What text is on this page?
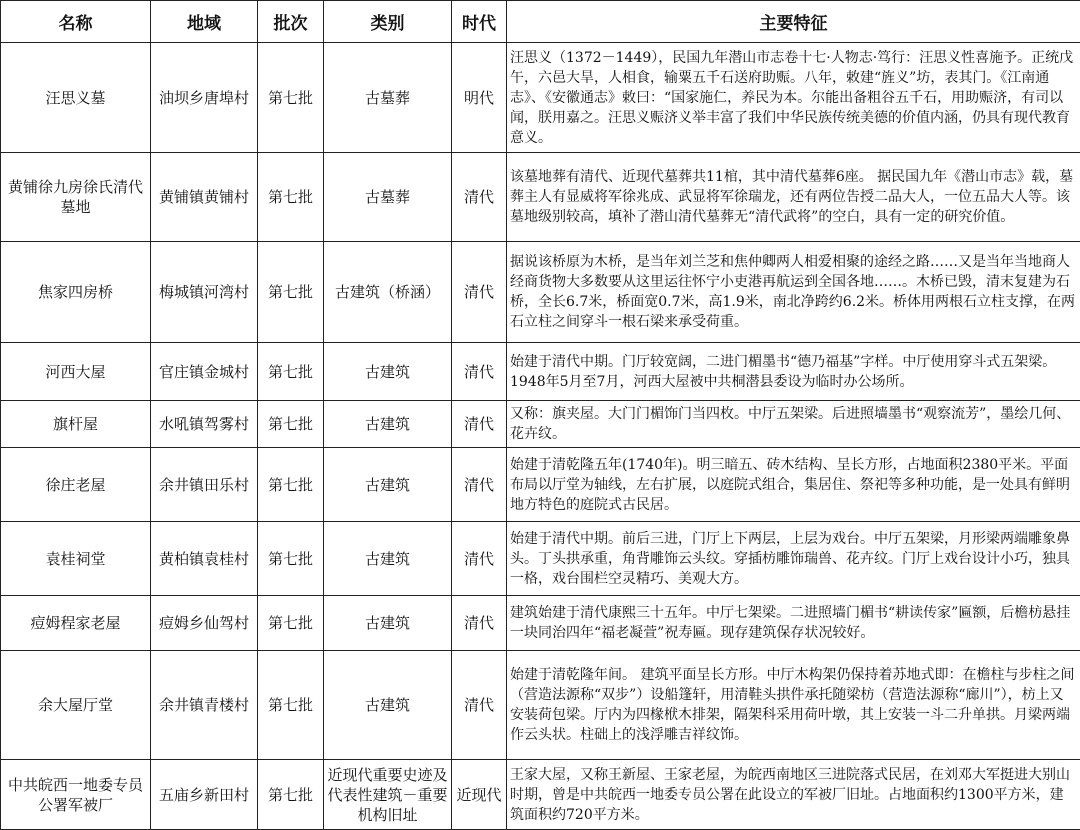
名称	地域	批次	类别	时代	主要特征
汪思义墓	油坝乡唐埠村	第七批	古墓葬	明代	汪思义（1372－1449），民国九年潜山市志卷十七·人物志·笃行：汪思义性喜施予。正统戊午，六邑大旱，人相食，输粟五千石送府助赈。八年，敕建“旌义”坊，表其门。《江南通志》、《安徽通志》敕曰：“国家施仁，养民为本。尔能出备粗谷五千石，用助赈济，有司以闻，朕用嘉之。汪思义赈济义举丰富了我们中华民族传统美德的价值内涵，仍具有现代教育意义。
黄铺徐九房徐氏清代墓地	黄铺镇黄铺村	第七批	古墓葬	清代	该墓地葬有清代、近现代墓葬共11棺，其中清代墓葬6座。 据民国九年《潜山市志》载，墓葬主人有显威将军徐兆成、武显将军徐瑞龙，还有两位告授二品大人，一位五品大人等。该墓地级别较高，填补了潜山清代墓葬无“清代武将”的空白，具有一定的研究价值。
焦家四房桥	梅城镇河湾村	第七批	古建筑（桥涵）	清代	据说该桥原为木桥，是当年刘兰芝和焦仲卿两人相爱相聚的途经之路……又是当年当地商人经商货物大多数要从这里运往怀宁小吏港再航运到全国各地……。木桥已毁，清末复建为石桥，全长6.7米，桥面宽0.7米，高1.9米，南北净跨约6.2米。桥体用两根石立柱支撑，在两石立柱之间穿斗一根石梁来承受荷重。
河西大屋	官庄镇金城村	第七批	古建筑	清代	始建于清代中期。门厅较宽阔，二进门楣墨书“德乃福基”字样。中厅使用穿斗式五架梁。1948年5月至7月，河西大屋被中共桐潜县委设为临时办公场所。
旗杆屋	水吼镇驾雾村	第七批	古建筑	清代	又称：旗夹屋。大门门楣饰门当四枚。中厅五架梁。后进照墙墨书“观察流芳”，墨绘几何、花卉纹。
徐庄老屋	余井镇田乐村	第七批	古建筑	清代	始建于清乾隆五年(1740年)。明三暗五、砖木结构、呈长方形，占地面积2380平米。平面布局以厅堂为轴线，左右扩展，以庭院式组合，集居住、祭祀等多种功能，是一处具有鲜明地方特色的庭院式古民居。
袁桂祠堂	黄柏镇袁桂村	第七批	古建筑	清代	始建于清代中期。前后三进，门厅上下两层，上层为戏台。中厅五架梁，月形梁两端雕象鼻头。丁头拱承重，角背雕饰云头纹。穿插枋雕饰瑞兽、花卉纹。门厅上戏台设计小巧，独具一格，戏台围栏空灵精巧、美观大方。
痘姆程家老屋	痘姆乡仙驾村	第七批	古建筑	清代	建筑始建于清代康熙三十五年。中厅七架梁。二进照墙门楣书“耕读传家”匾额，后檐枋悬挂一块同治四年“福老凝萱”祝寿匾。现存建筑保存状况较好。
余大屋厅堂	余井镇青楼村	第七批	古建筑	清代	始建于清乾隆年间。 建筑平面呈长方形。中厅木构架仍保持着苏地式即：在檐柱与步柱之间（营造法源称“双步”）设船篷轩，用清鞋头拱件承托随梁枋（营造法源称“廊川”），枋上又安装荷包梁。厅内为四椽栿木排架，隔架科采用荷叶墩，其上安装一斗二升单拱。月梁两端作云头状。柱础上的浅浮雕吉祥纹饰。
中共皖西一地委专员公署军被厂	五庙乡新田村	第七批	近现代重要史迹及代表性建筑－重要机构旧址	近现代	王家大屋，又称王新屋、王家老屋，为皖西南地区三进院落式民居，在刘邓大军挺进大别山时期，曾是中共皖西一地委专员公署在此设立的军被厂旧址。占地面积约1300平方米，建筑面积约720平方米。
